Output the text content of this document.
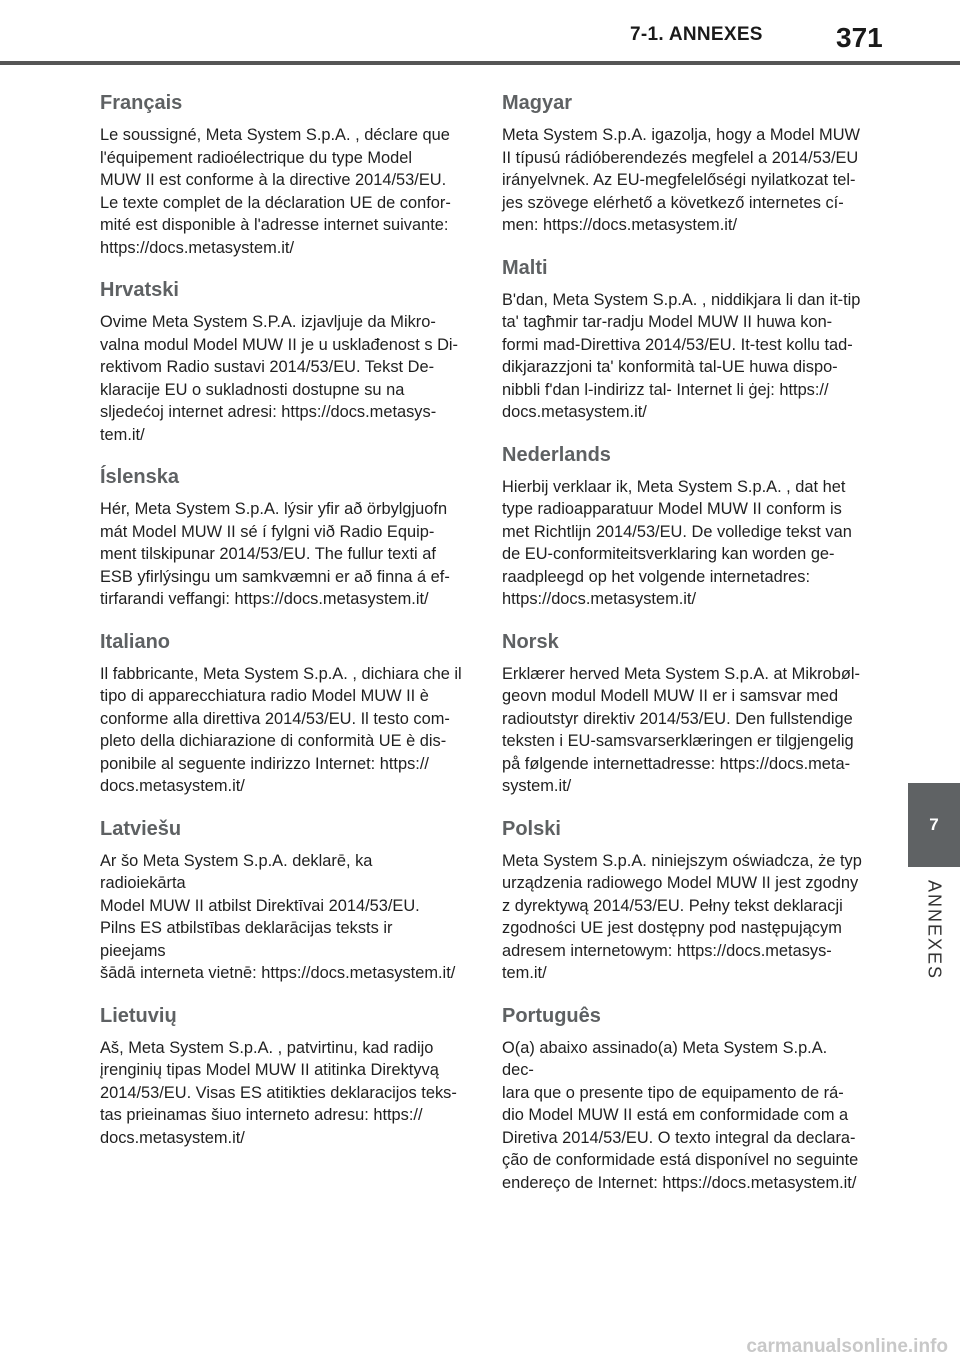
7-1. ANNEXES	371
Français

Le soussigné, Meta System S.p.A. , déclare que
l'équipement radioélectrique du type Model
MUW II est conforme à la directive 2014/53/EU.
Le texte complet de la déclaration UE de confor-
mité est disponible à l'adresse internet suivante:
https://docs.metasystem.it/

Hrvatski

Ovime Meta System S.P.A. izjavljuje da Mikro-
valna modul Model MUW II je u usklađenost s Di-
rektivom Radio sustavi 2014/53/EU. Tekst De-
klaracije EU o sukladnosti dostupne su na
sljedećoj internet adresi: https://docs.metasys-
tem.it/

Íslenska

Hér, Meta System S.p.A. lýsir yfir að örbylgjuofn
mát Model MUW II sé í fylgni við Radio Equip-
ment tilskipunar 2014/53/EU. The fullur texti af
ESB yfirlýsingu um samkvæmni er að finna á ef-
tirfarandi veffangi: https://docs.metasystem.it/

Italiano

Il fabbricante, Meta System S.p.A. , dichiara che il
tipo di apparecchiatura radio Model MUW II è
conforme alla direttiva 2014/53/EU. Il testo com-
pleto della dichiarazione di conformità UE è dis-
ponibile al seguente indirizzo Internet: https://
docs.metasystem.it/

Latviešu

Ar šo Meta System S.p.A. deklarē, ka radioiekārta
Model MUW II atbilst Direktīvai 2014/53/EU.
Pilns ES atbilstības deklarācijas teksts ir pieejams
šādā interneta vietnē: https://docs.metasystem.it/

Lietuvių

Aš, Meta System S.p.A. , patvirtinu, kad radijo
įrenginių tipas Model MUW II atitinka Direktyvą
2014/53/EU. Visas ES atitikties deklaracijos teks-
tas prieinamas šiuo interneto adresu: https://
docs.metasystem.it/

Magyar

Meta System S.p.A. igazolja, hogy a Model MUW
II típusú rádióberendezés megfelel a 2014/53/EU
irányelvnek. Az EU-megfelelőségi nyilatkozat tel-
jes szövege elérhető a következő internetes cí-
men: https://docs.metasystem.it/

Malti

B'dan, Meta System S.p.A. , niddikjara li dan it-tip
ta' tagħmir tar-radju Model MUW II huwa kon-
formi mad-Direttiva 2014/53/EU. It-test kollu tad-
dikjarazzjoni ta' konformità tal-UE huwa dispo-
nibbli f'dan l-indirizz tal- Internet li ġej: https://
docs.metasystem.it/

Nederlands

Hierbij verklaar ik, Meta System S.p.A. , dat het
type radioapparatuur Model MUW II conform is
met Richtlijn 2014/53/EU. De volledige tekst van
de EU-conformiteitsverklaring kan worden ge-
raadpleegd op het volgende internetadres:
https://docs.metasystem.it/

Norsk

Erklærer herved Meta System S.p.A. at Mikrobøl-
geovn modul Modell MUW II er i samsvar med
radioutstyr direktiv 2014/53/EU. Den fullstendige
teksten i EU-samsvarserklæringen er tilgjengelig
på følgende internettadresse: https://docs.meta-
system.it/

Polski

Meta System S.p.A. niniejszym oświadcza, że typ
urządzenia radiowego Model MUW II jest zgodny
z dyrektywą 2014/53/EU. Pełny tekst deklaracji
zgodności UE jest dostępny pod następującym
adresem internetowym: https://docs.metasys-
tem.it/

Português

O(a) abaixo assinado(a) Meta System S.p.A. dec-
lara que o presente tipo de equipamento de rá-
dio Model MUW II está em conformidade com a
Diretiva 2014/53/EU. O texto integral da declara-
ção de conformidade está disponível no seguinte
endereço de Internet: https://docs.metasystem.it/

7
ANNEXES
carmanualsonline.info
